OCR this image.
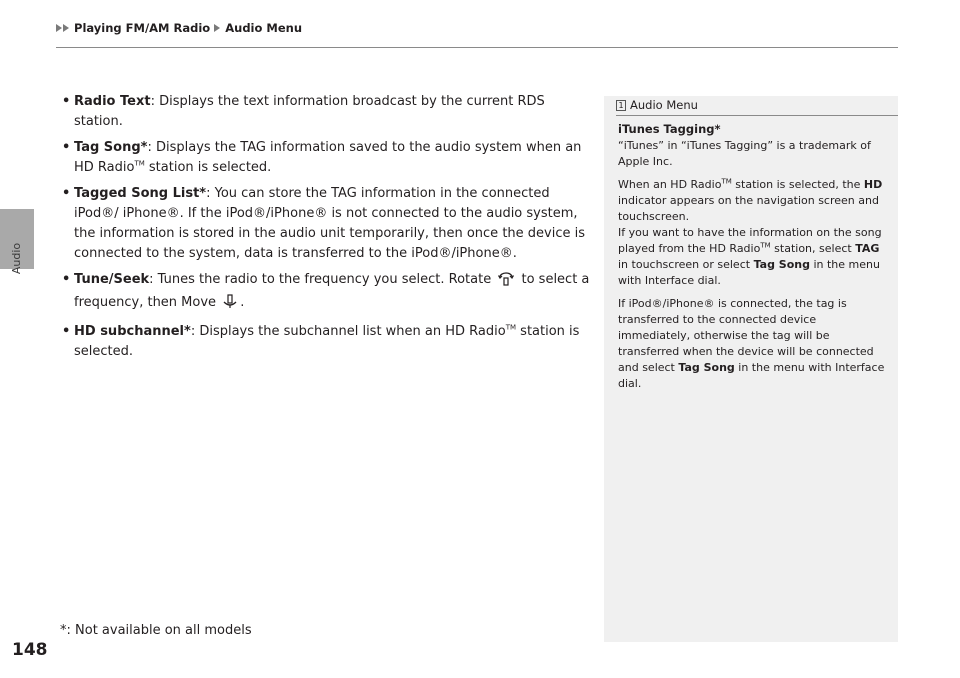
Playing FM/AM Radio Audio Menu
Audio
• Radio Text: Displays the text information broadcast by the current RDS station.
• Tag Song*: Displays the TAG information saved to the audio system when an HD Radio™ station is selected.
• Tagged Song List*: You can store the TAG information in the connected iPod®/ iPhone®. If the iPod®/iPhone® is not connected to the audio system, the information is stored in the audio unit temporarily, then once the device is connected to the system, data is transferred to the iPod®/iPhone®.
• Tune/Seek: Tunes the radio to the frequency you select. Rotate to select a frequency, then Move .
• HD subchannel*: Displays the subchannel list when an HD Radio™ station is selected.
*: Not available on all models
1 Audio Menu

iTunes Tagging*

“iTunes” in “iTunes Tagging” is a trademark of Apple Inc.

When an HD Radio™ station is selected, the HD indicator appears on the navigation screen and touchscreen.

If you want to have the information on the song played from the HD Radio™ station, select TAG in touchscreen or select Tag Song in the menu with Interface dial.

If iPod®/iPhone® is connected, the tag is transferred to the connected device immediately, otherwise the tag will be transferred when the device will be connected and select Tag Song in the menu with Interface dial.

148
